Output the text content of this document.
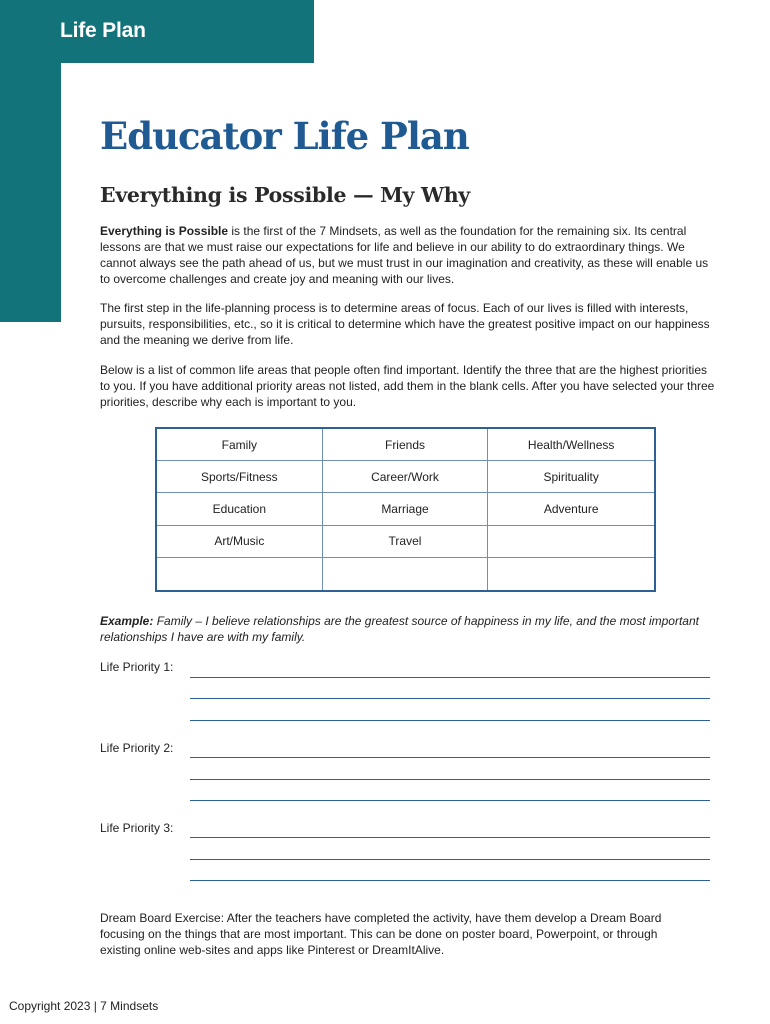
Life Plan
Educator Life Plan
Everything is Possible — My Why

Everything is Possible is the first of the 7 Mindsets, as well as the foundation for the remaining six. Its central lessons are that we must raise our expectations for life and believe in our ability to do extraordinary things. We cannot always see the path ahead of us, but we must trust in our imagination and creativity, as these will enable us to overcome challenges and create joy and meaning with our lives.

The first step in the life-planning process is to determine areas of focus. Each of our lives is filled with interests, pursuits, responsibilities, etc., so it is critical to determine which have the greatest positive impact on our happiness and the meaning we derive from life.

Below is a list of common life areas that people often find important. Identify the three that are the highest priorities to you. If you have additional priority areas not listed, add them in the blank cells. After you have selected your three priorities, describe why each is important to you.

Family	Friends	Health/Wellness
Sports/Fitness	Career/Work	Spirituality
Education	Marriage	Adventure
Art/Music	Travel

Example: Family – I believe relationships are the greatest source of happiness in my life, and the most important relationships I have are with my family.

Life Priority 1:
Life Priority 2:
Life Priority 3:

Dream Board Exercise: After the teachers have completed the activity, have them develop a Dream Board focusing on the things that are most important. This can be done on poster board, Powerpoint, or through existing online web-sites and apps like Pinterest or DreamItAlive.

Copyright 2023 | 7 Mindsets
